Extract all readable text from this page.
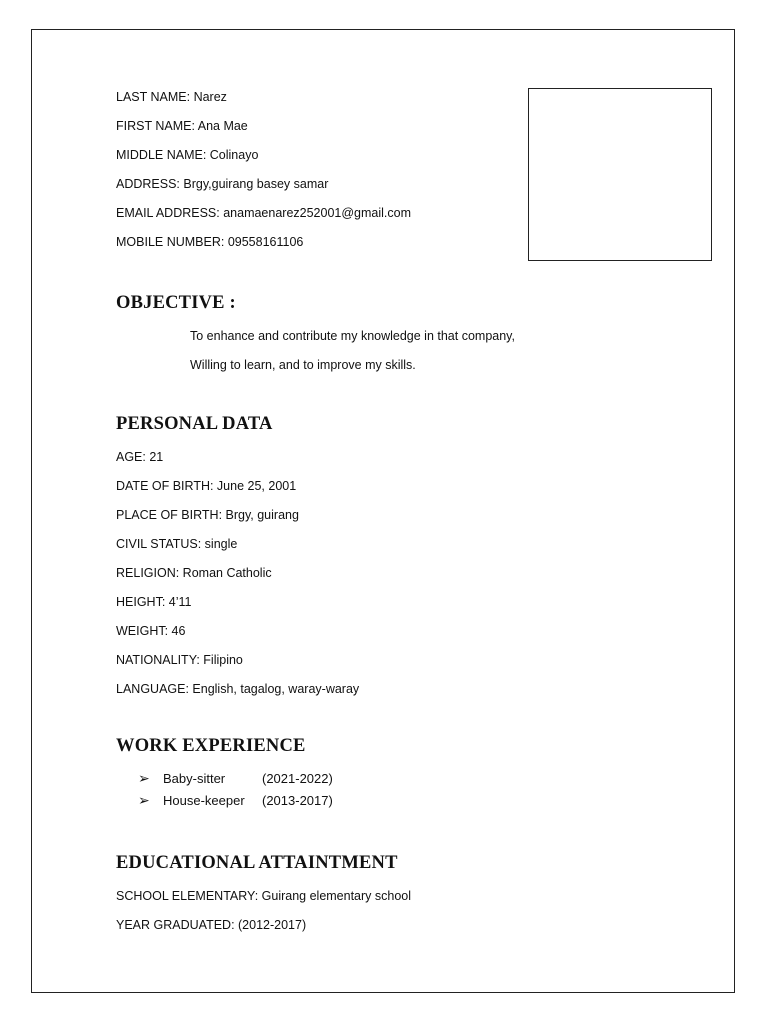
LAST NAME: Narez
FIRST NAME: Ana Mae
MIDDLE NAME: Colinayo
ADDRESS: Brgy,guirang basey samar
EMAIL ADDRESS: anamaenarez252001@gmail.com
MOBILE NUMBER: 09558161106
OBJECTIVE :
To enhance and contribute my knowledge in that company,
Willing to learn, and to improve my skills.
PERSONAL DATA
AGE: 21
DATE OF BIRTH: June 25, 2001
PLACE OF BIRTH: Brgy, guirang
CIVIL STATUS: single
RELIGION: Roman Catholic
HEIGHT: 4’11
WEIGHT: 46
NATIONALITY: Filipino
LANGUAGE: English, tagalog, waray-waray
WORK EXPERIENCE
➢ Baby-sitter	(2021-2022)
➢ House-keeper (2013-2017)
EDUCATIONAL ATTAINTMENT
SCHOOL ELEMENTARY: Guirang elementary school
YEAR GRADUATED: (2012-2017)
